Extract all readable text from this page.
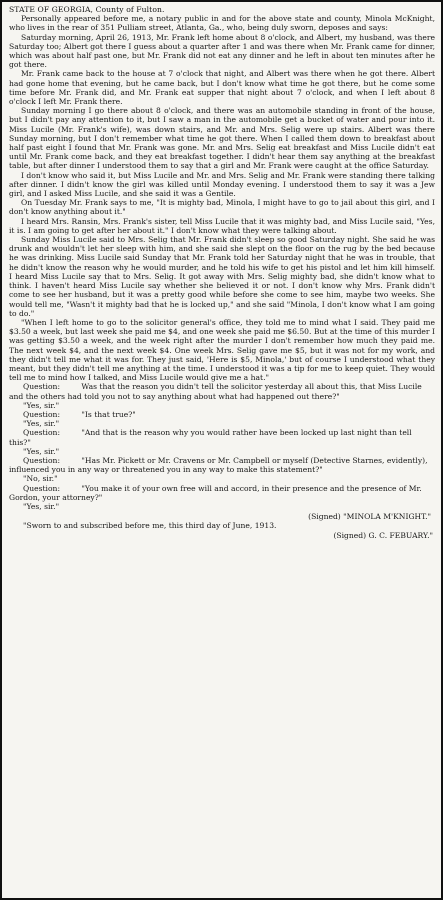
STATE OF GEORGIA, County of Fulton.

Personally appeared before me, a notary public in and for the above state and county, Minola McKnight, who lives in the rear of 351 Pulliam street, Atlanta, Ga., who, being duly sworn, deposes and says:

Saturday morning, April 26, 1913, Mr. Frank left home about 8 o'clock, and Albert, my husband, was there Saturday too; Albert got there I guess about a quarter after 1 and was there when Mr. Frank came for dinner, which was about half past one, but Mr. Frank did not eat any dinner and he left in about ten minutes after he got there.

Mr. Frank came back to the house at 7 o'clock that night, and Albert was there when he got there. Albert had gone home that evening, but he came back, but I don't know what time he got there, but he come some time before Mr. Frank did, and Mr. Frank eat supper that night about 7 o'clock, and when I left about 8 o'clock I left Mr. Frank there.

Sunday morning I go there about 8 o'clock, and there was an automobile standing in front of the house, but I didn't pay any attention to it, but I saw a man in the automobile get a bucket of water and pour into it. Miss Lucile (Mr. Frank's wife), was down stairs, and Mr. and Mrs. Selig were up stairs. Albert was there Sunday morning, but I don't remember what time he got there. When I called them down to breakfast about half past eight I found that Mr. Frank was gone. Mr. and Mrs. Selig eat breakfast and Miss Lucile didn't eat until Mr. Frank come back, and they eat breakfast together. I didn't hear them say anything at the breakfast table, but after dinner I understood them to say that a girl and Mr. Frank were caught at the office Saturday.

I don't know who said it, but Miss Lucile and Mr. and Mrs. Selig and Mr. Frank were standing there talking after dinner. I didn't know the girl was killed until Monday evening. I understood them to say it was a Jew girl, and I asked Miss Lucile, and she said it was a Gentile.

On Tuesday Mr. Frank says to me, "It is mighty bad, Minola, I might have to go to jail about this girl, and I don't know anything about it."

I heard Mrs. Ransin, Mrs. Frank's sister, tell Miss Lucile that it was mighty bad, and Miss Lucile said, "Yes, it is. I am going to get after her about it." I don't know what they were talking about.

Sunday Miss Lucile said to Mrs. Selig that Mr. Frank didn't sleep so good Saturday night. She said he was drunk and wouldn't let her sleep with him, and she said she slept on the floor on the rug by the bed because he was drinking. Miss Lucile said Sunday that Mr. Frank told her Saturday night that he was in trouble, that he didn't know the reason why he would murder, and he told his wife to get his pistol and let him kill himself. I heard Miss Lucile say that to Mrs. Selig. It got away with Mrs. Selig mighty bad, she didn't know what to think. I haven't heard Miss Lucile say whether she believed it or not. I don't know why Mrs. Frank didn't come to see her husband, but it was a pretty good while before she come to see him, maybe two weeks. She would tell me, "Wasn't it mighty bad that he is locked up," and she said "Minola, I don't know what I am going to do."

"When I left home to go to the solicitor general's office, they told me to mind what I said. They paid me $3.50 a week, but last week she paid me $4, and one week she paid me $6.50. But at the time of this murder I was getting $3.50 a week, and the week right after the murder I don't remember how much they paid me. The next week $4, and the next week $4. One week Mrs. Selig gave me $5, but it was not for my work, and they didn't tell me what it was for. They just said, 'Here is $5, Minola,' but of course I understood what they meant, but they didn't tell me anything at the time. I understood it was a tip for me to keep quiet. They would tell me to mind how I talked, and Miss Lucile would give me a hat."

Question:	Was that the reason you didn't tell the solicitor yesterday all about this, that Miss Lucile and the others had told you not to say anything about what had happened out there?"

"Yes, sir."

Question:	"Is that true?"

"Yes, sir."

Question:	"And that is the reason why you would rather have been locked up last night than tell this?"

"Yes, sir."

Question:	"Has Mr. Pickett or Mr. Cravens or Mr. Campbell or myself (Detective Starnes, evidently), influenced you in any way or threatened you in any way to make this statement?"

"No, sir."

Question:	"You make it of your own free will and accord, in their presence and the presence of Mr. Gordon, your attorney?"

"Yes, sir."

(Signed) "MINOLA M'KNIGHT."

"Sworn to and subscribed before me, this third day of June, 1913.

(Signed) G. C. FEBUARY."
